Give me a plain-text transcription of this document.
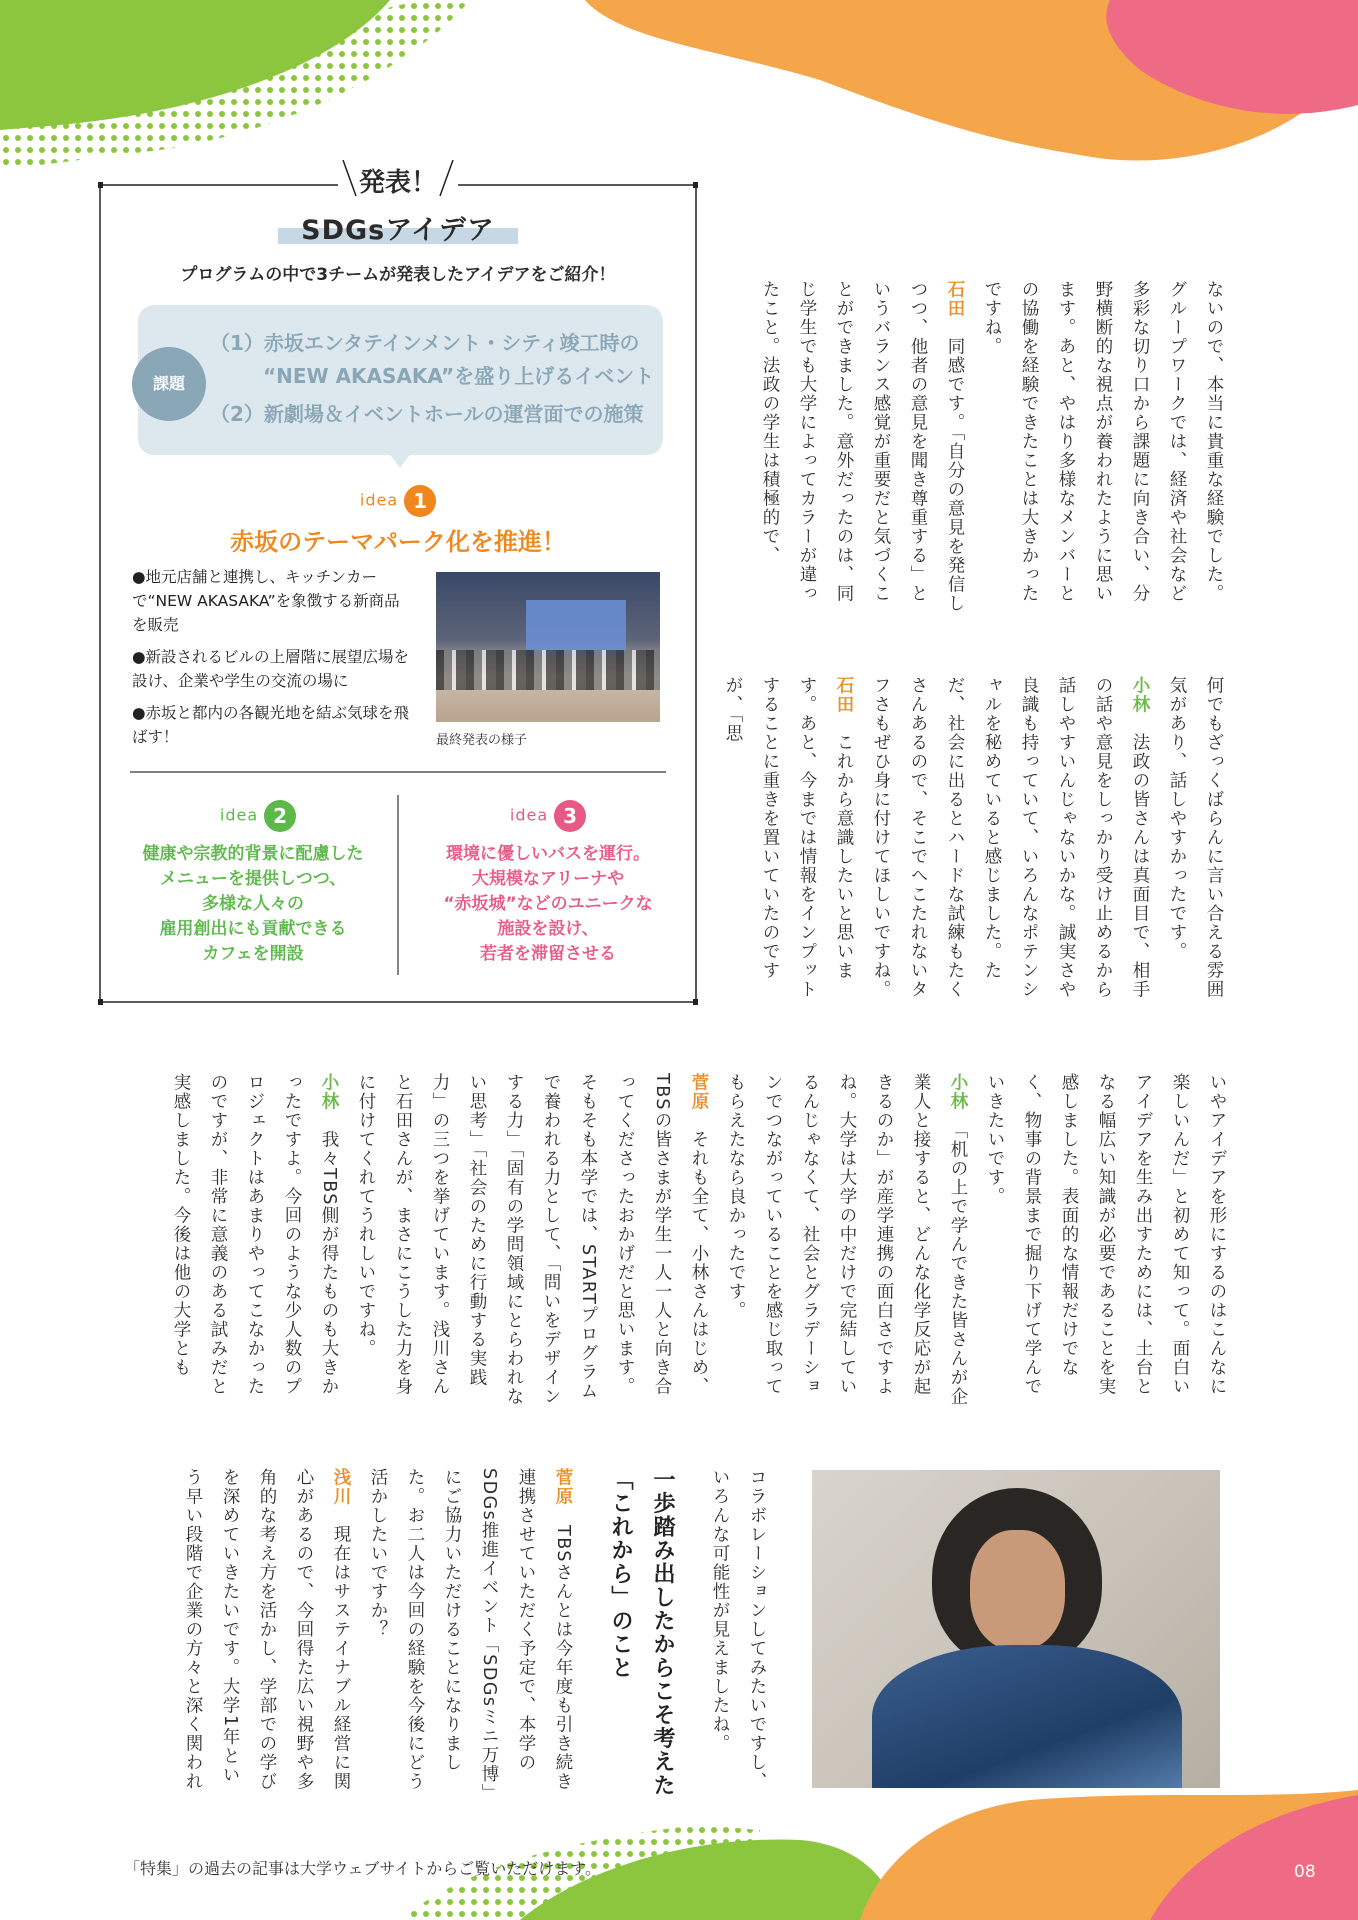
発表！
SDGsアイデア
プログラムの中で3チームが発表したアイデアをご紹介！
課題
（1）赤坂エンタテインメント・シティ竣工時の
“NEW AKASAKA”を盛り上げるイベント
（2）新劇場＆イベントホールの運営面での施策
idea 1
赤坂のテーマパーク化を推進！

●地元店舗と連携し、キッチンカーで“NEW AKASAKA”を象徴する新商品を販売

●新設されるビルの上層階に展望広場を設け、企業や学生の交流の場に

●赤坂と都内の各観光地を結ぶ気球を飛ばす！	最終発表の様子
idea 2
健康や宗教的背景に配慮した
メニューを提供しつつ、
多様な人々の
雇用創出にも貢献できる
カフェを開設
idea 3
環境に優しいバスを運行。
大規模なアリーナや
“赤坂城”などのユニークな
施設を設け、
若者を滞留させる

ないので、本当に貴重な経験でした。グループワークでは、経済や社会など多彩な切り口から課題に向き合い、分野横断的な視点が養われたように思います。あと、やはり多様なメンバーとの協働を経験できたことは大きかったですね。

石田　同感です。「自分の意見を発信しつつ、他者の意見を聞き尊重する」というバランス感覚が重要だと気づくことができました。意外だったのは、同じ学生でも大学によってカラーが違ったこと。法政の学生は積極的で、

何でもざっくばらんに言い合える雰囲気があり、話しやすかったです。

小林　法政の皆さんは真面目で、相手の話や意見をしっかり受け止めるから話しやすいんじゃないかな。誠実さや良識も持っていて、いろんなポテンシャルを秘めていると感じました。ただ、社会に出るとハードな試練もたくさんあるので、そこでへこたれないタフさもぜひ身に付けてほしいですね。

石田　これから意識したいと思います。あと、今までは情報をインプットすることに重きを置いていたのですが、「思

いやアイデアを形にするのはこんなに楽しいんだ」と初めて知って。面白いアイデアを生み出すためには、土台となる幅広い知識が必要であることを実感しました。表面的な情報だけでなく、物事の背景まで掘り下げて学んでいきたいです。

小林　「机の上で学んできた皆さんが企業人と接すると、どんな化学反応が起きるのか」が産学連携の面白さですよね。大学は大学の中だけで完結しているんじゃなくて、社会とグラデーションでつながっていることを感じ取ってもらえたなら良かったです。

菅原　それも全て、小林さんはじめ、TBSの皆さまが学生一人一人と向き合ってくださったおかげだと思います。そもそも本学では、STARTプログラムで養われる力として、「問いをデザインする力」「固有の学問領域にとらわれない思考」「社会のために行動する実践力」の三つを挙げています。浅川さんと石田さんが、まさにこうした力を身に付けてくれてうれしいですね。

小林　我々TBS側が得たものも大きかったですよ。今回のような少人数のプロジェクトはあまりやってこなかったのですが、非常に意義のある試みだと実感しました。今後は他の大学とも

コラボレーションしてみたいですし、いろんな可能性が見えましたね。

一歩踏み出したからこそ考えた「これから」のこと

菅原　TBSさんとは今年度も引き続き連携させていただく予定で、本学のSDGs推進イベント「SDGsミニ万博」にご協力いただけることになりました。お二人は今回の経験を今後にどう活かしたいですか？

浅川　現在はサステイナブル経営に関心があるので、今回得た広い視野や多角的な考え方を活かし、学部での学びを深めていきたいです。大学1年という早い段階で企業の方々と深く関われ

「特集」の過去の記事は大学ウェブサイトからご覧いただけます。	08
